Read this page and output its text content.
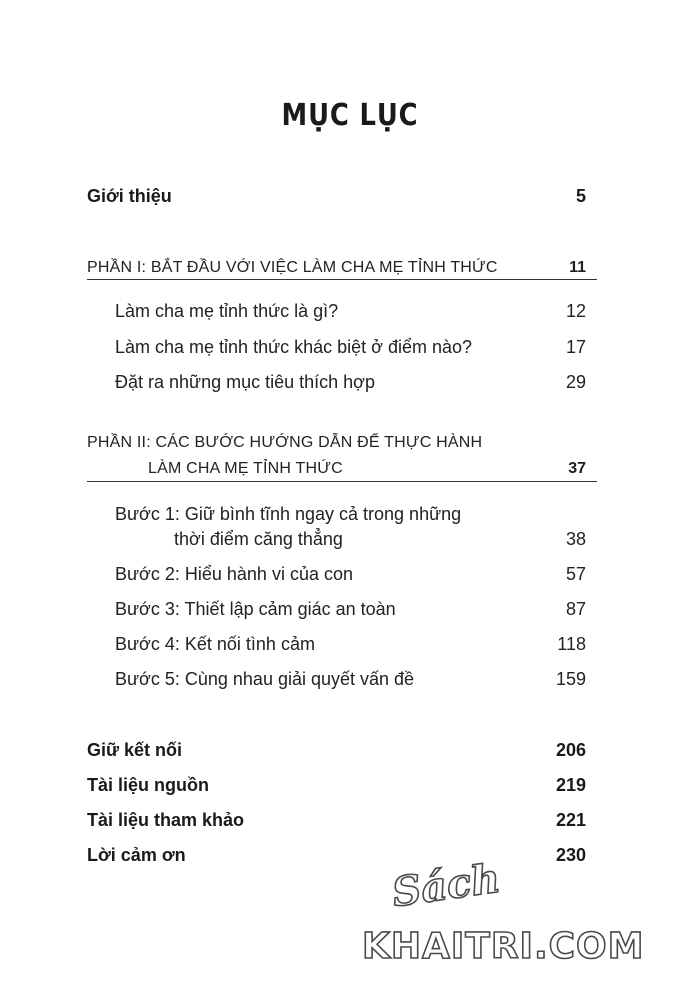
MỤC LỤC
Giới thiệu	5
PHẦN I: BẮT ĐẦU VỚI VIỆC LÀM CHA MẸ TỈNH THỨC	11
Làm cha mẹ tỉnh thức là gì?	12
Làm cha mẹ tỉnh thức khác biệt ở điểm nào?	17
Đặt ra những mục tiêu thích hợp	29
PHẦN II: CÁC BƯỚC HƯỚNG DẪN ĐỂ THỰC HÀNH
LÀM CHA MẸ TỈNH THỨC	37
Bước 1: Giữ bình tĩnh ngay cả trong những
thời điểm căng thẳng	38
Bước 2: Hiểu hành vi của con	57
Bước 3: Thiết lập cảm giác an toàn	87
Bước 4: Kết nối tình cảm	118
Bước 5: Cùng nhau giải quyết vấn đề	159
Giữ kết nối	206
Tài liệu nguồn	219
Tài liệu tham khảo	221
Lời cảm ơn	230
Sách
KHAITRI.COM
